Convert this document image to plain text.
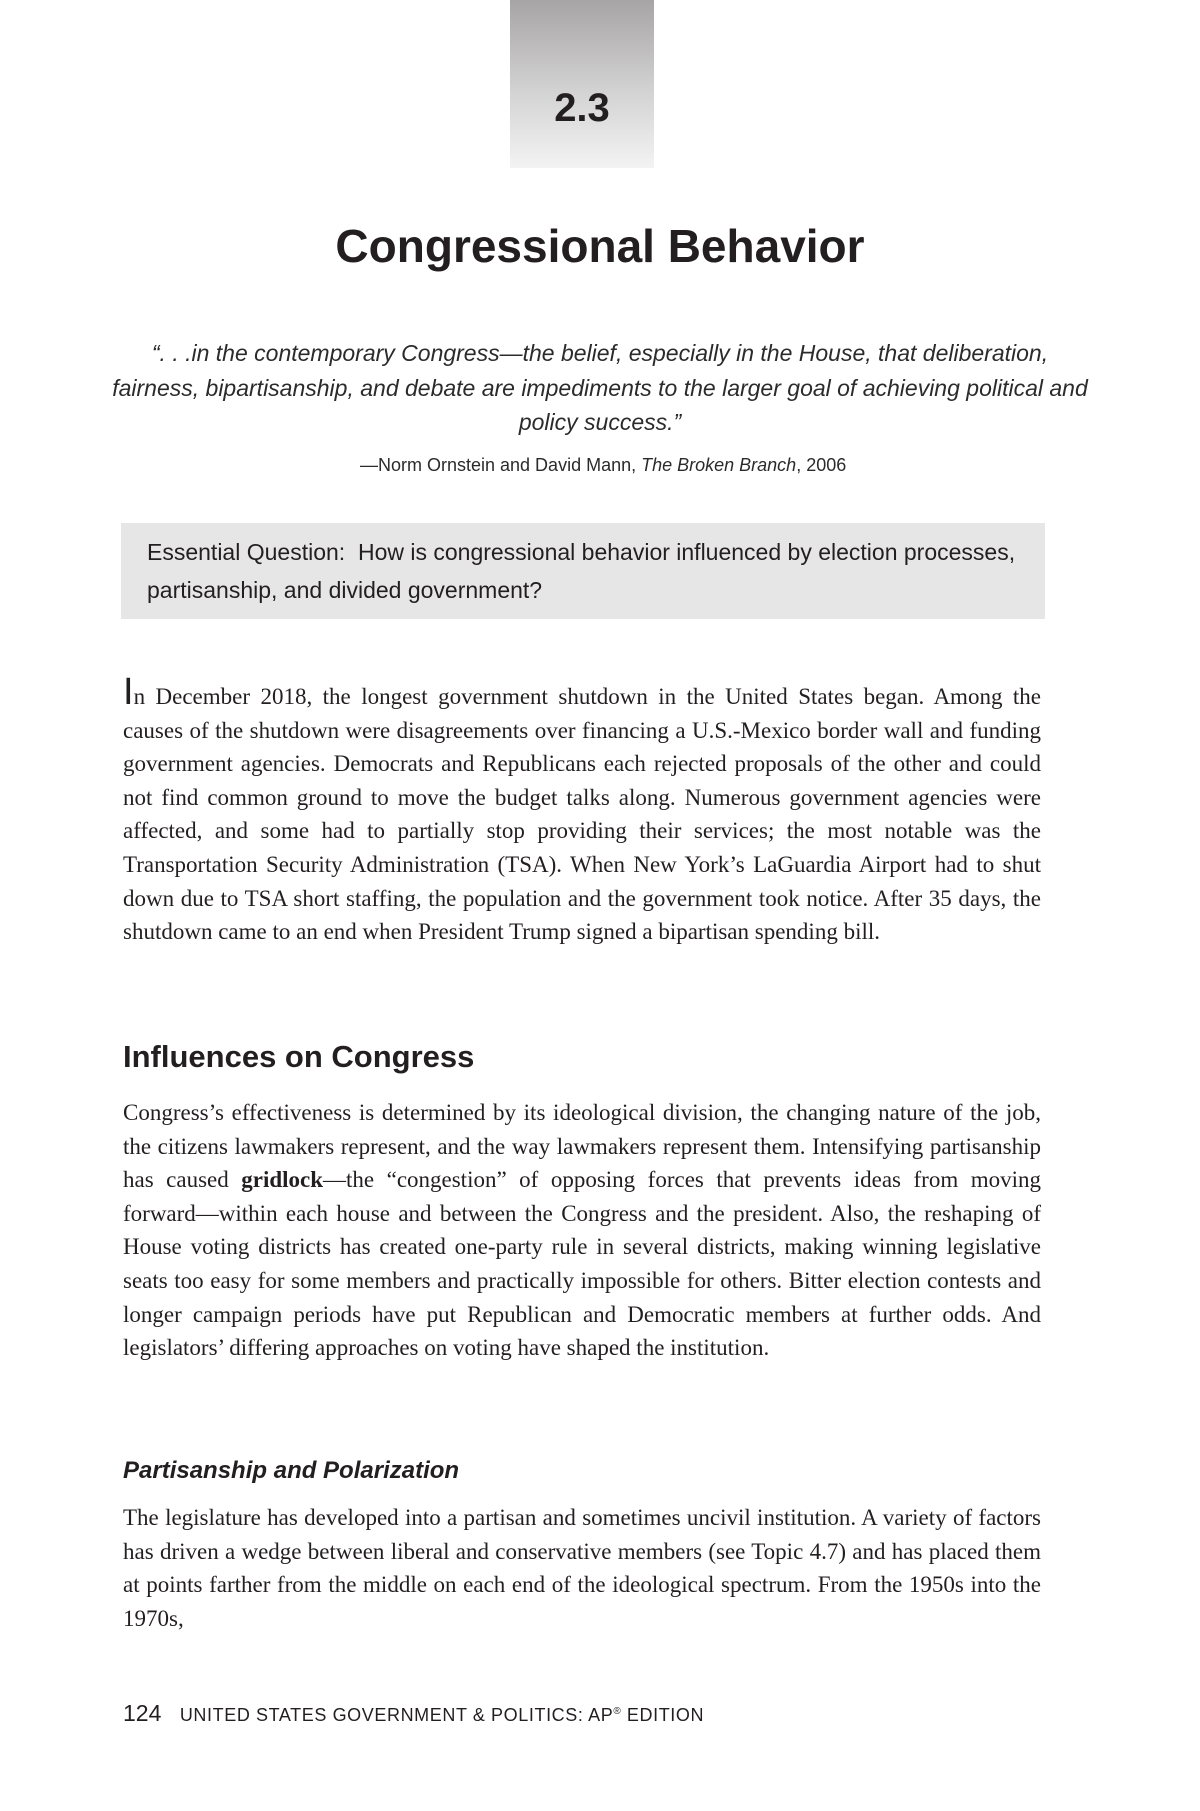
2.3
Congressional Behavior
“. . .in the contemporary Congress—the belief, especially in the House, that deliberation, fairness, bipartisanship, and debate are impediments to the larger goal of achieving political and policy success.”
—Norm Ornstein and David Mann, The Broken Branch, 2006
Essential Question:  How is congressional behavior influenced by election processes, partisanship, and divided government?

In December 2018, the longest government shutdown in the United States began. Among the causes of the shutdown were disagreements over financing a U.S.-Mexico border wall and funding government agencies. Democrats and Republicans each rejected proposals of the other and could not find common ground to move the budget talks along. Numerous government agencies were affected, and some had to partially stop providing their services; the most notable was the Transportation Security Administration (TSA). When New York’s LaGuardia Airport had to shut down due to TSA short staffing, the population and the government took notice. After 35 days, the shutdown came to an end when President Trump signed a bipartisan spending bill.

Influences on Congress

Congress’s effectiveness is determined by its ideological division, the changing nature of the job, the citizens lawmakers represent, and the way lawmakers represent them. Intensifying partisanship has caused gridlock—the “congestion” of opposing forces that prevents ideas from moving forward—within each house and between the Congress and the president. Also, the reshaping of House voting districts has created one-party rule in several districts, making winning legislative seats too easy for some members and practically impossible for others. Bitter election contests and longer campaign periods have put Republican and Democratic members at further odds. And legislators’ differing approaches on voting have shaped the institution.

Partisanship and Polarization

The legislature has developed into a partisan and sometimes uncivil institution. A variety of factors has driven a wedge between liberal and conservative members (see Topic 4.7) and has placed them at points farther from the middle on each end of the ideological spectrum. From the 1950s into the 1970s,

124 UNITED STATES GOVERNMENT & POLITICS: AP® EDITION
